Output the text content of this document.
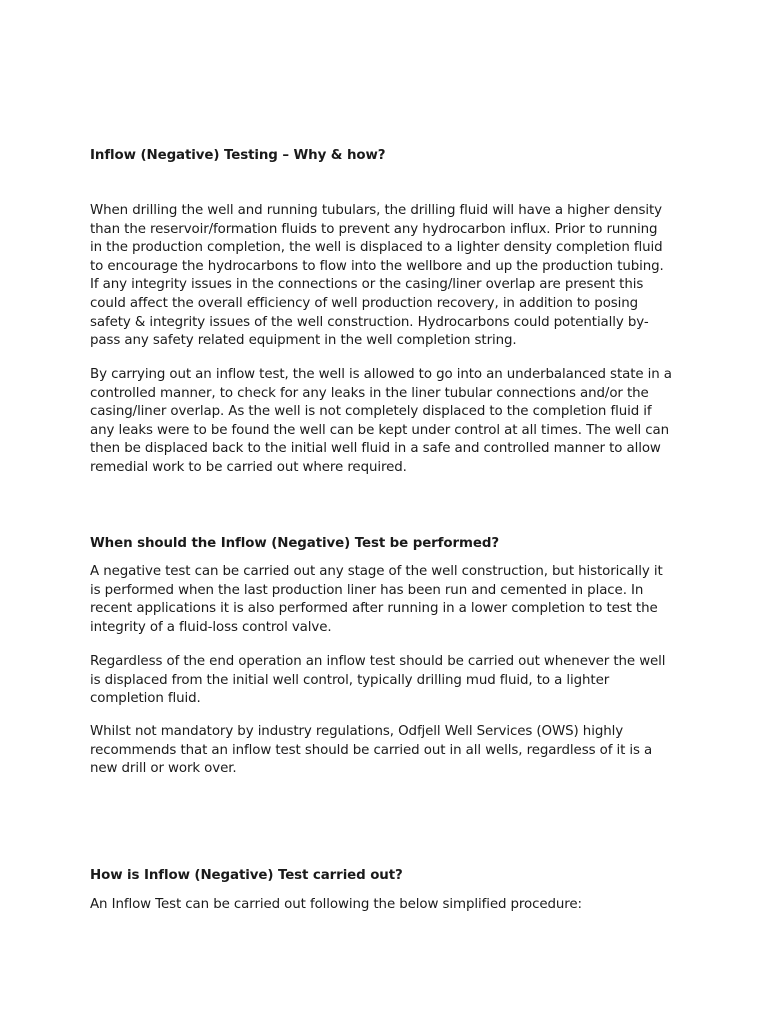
Inflow (Negative) Testing – Why & how?

When drilling the well and running tubulars, the drilling fluid will have a higher density
than the reservoir/formation fluids to prevent any hydrocarbon influx. Prior to running
in the production completion, the well is displaced to a lighter density completion fluid
to encourage the hydrocarbons to flow into the wellbore and up the production tubing.
If any integrity issues in the connections or the casing/liner overlap are present this
could affect the overall efficiency of well production recovery, in addition to posing
safety & integrity issues of the well construction. Hydrocarbons could potentially by-
pass any safety related equipment in the well completion string.

By carrying out an inflow test, the well is allowed to go into an underbalanced state in a
controlled manner, to check for any leaks in the liner tubular connections and/or the
casing/liner overlap. As the well is not completely displaced to the completion fluid if
any leaks were to be found the well can be kept under control at all times. The well can
then be displaced back to the initial well fluid in a safe and controlled manner to allow
remedial work to be carried out where required.

When should the Inflow (Negative) Test be performed?

A negative test can be carried out any stage of the well construction, but historically it
is performed when the last production liner has been run and cemented in place. In
recent applications it is also performed after running in a lower completion to test the
integrity of a fluid-loss control valve.

Regardless of the end operation an inflow test should be carried out whenever the well
is displaced from the initial well control, typically drilling mud fluid, to a lighter
completion fluid.

Whilst not mandatory by industry regulations, Odfjell Well Services (OWS) highly
recommends that an inflow test should be carried out in all wells, regardless of it is a
new drill or work over.

How is Inflow (Negative) Test carried out?

An Inflow Test can be carried out following the below simplified procedure:
